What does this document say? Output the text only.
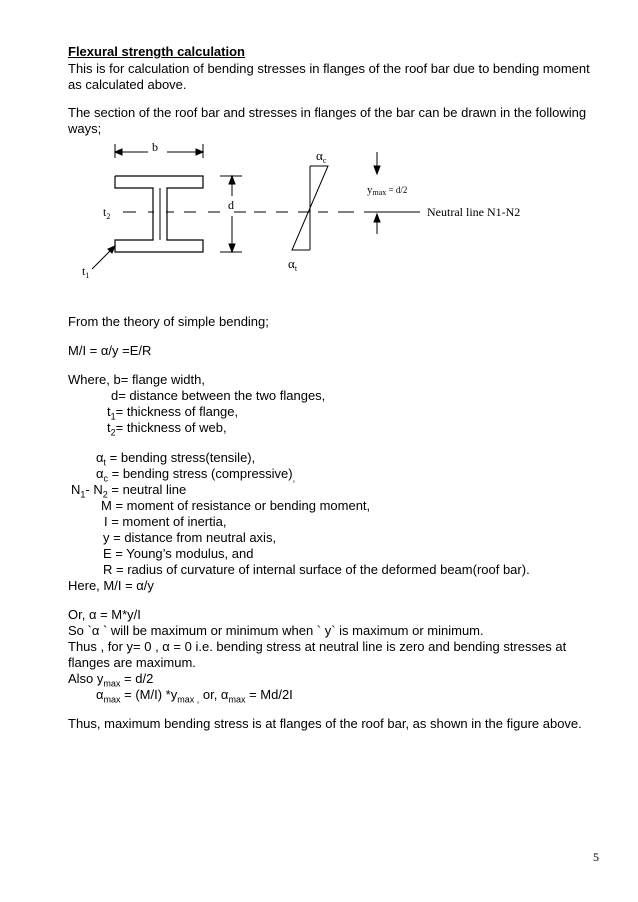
Flexural strength calculation
This is for calculation of bending stresses in flanges of the roof bar due to bending moment
as calculated above.
The section of the roof bar and stresses in flanges of the bar can be drawn in the following
ways;
b
d
$t_2$
$t_1$
$\alpha_c$
$\alpha_t$
ymax = d/2
Neutral line N1-N2
From the theory of simple bending;
M/I = α/y =E/R
Where, b= flange width,
d= distance between the two flanges,
$t_1=$ thickness of flange,
$t_2=$ thickness of web,
$\alpha_t$ = bending stress(tensile),
$\alpha_c$ = bending stress $(compressive)_,$
$N_1-$ $N_2$ = neutral line
M = moment of resistance or bending moment,
I = moment of inertia,
y = distance from neutral axis,
E = Young’s modulus, and
R = radius of curvature of internal surface of the deformed beam(roof bar).
Here, M/I = α/y
Or, α = M*y/I
So `α ` will be maximum or minimum when ` y` is maximum or minimum.
Thus , for y= 0 , α = 0 i.e. bending stress at neutral line is zero and bending stresses at
flanges are maximum.
Also $y_{max} = d/2$
$\alpha_{max} = (M/I)$ $*y_{max ,}$ or, $\alpha_{max} = Md/2I$
Thus, maximum bending stress is at flanges of the roof bar, as shown in the figure above.
5
